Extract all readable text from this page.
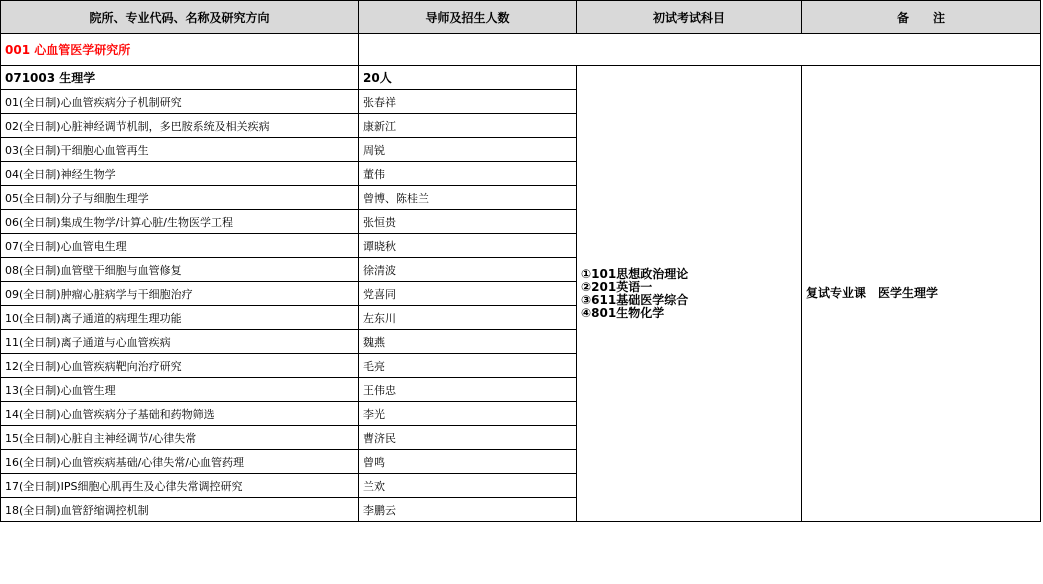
院所、专业代码、名称及研究方向	导师及招生人数	初试考试科目	备　　注
001 心血管医学研究所			
071003 生理学	20人	①101思想政治理论
②201英语一
③611基础医学综合
④801生物化学	复试专业课　医学生理学
01(全日制)心血管疾病分子机制研究	张春祥		
02(全日制)心脏神经调节机制，多巴胺系统及相关疾病	康新江		
03(全日制)干细胞心血管再生	周锐		
04(全日制)神经生物学	董伟		
05(全日制)分子与细胞生理学	曾博、陈桂兰		
06(全日制)集成生物学/计算心脏/生物医学工程	张恒贵		
07(全日制)心血管电生理	谭晓秋		
08(全日制)血管壁干细胞与血管修复	徐清波		
09(全日制)肿瘤心脏病学与干细胞治疗	党喜同		
10(全日制)离子通道的病理生理功能	左东川		
11(全日制)离子通道与心血管疾病	魏燕		
12(全日制)心血管疾病靶向治疗研究	毛亮		
13(全日制)心血管生理	王伟忠		
14(全日制)心血管疾病分子基础和药物筛选	李光		
15(全日制)心脏自主神经调节/心律失常	曹济民		
16(全日制)心血管疾病基础/心律失常/心血管药理	曾鸣		
17(全日制)IPS细胞心肌再生及心律失常调控研究	兰欢		
18(全日制)血管舒缩调控机制	李鹏云		
